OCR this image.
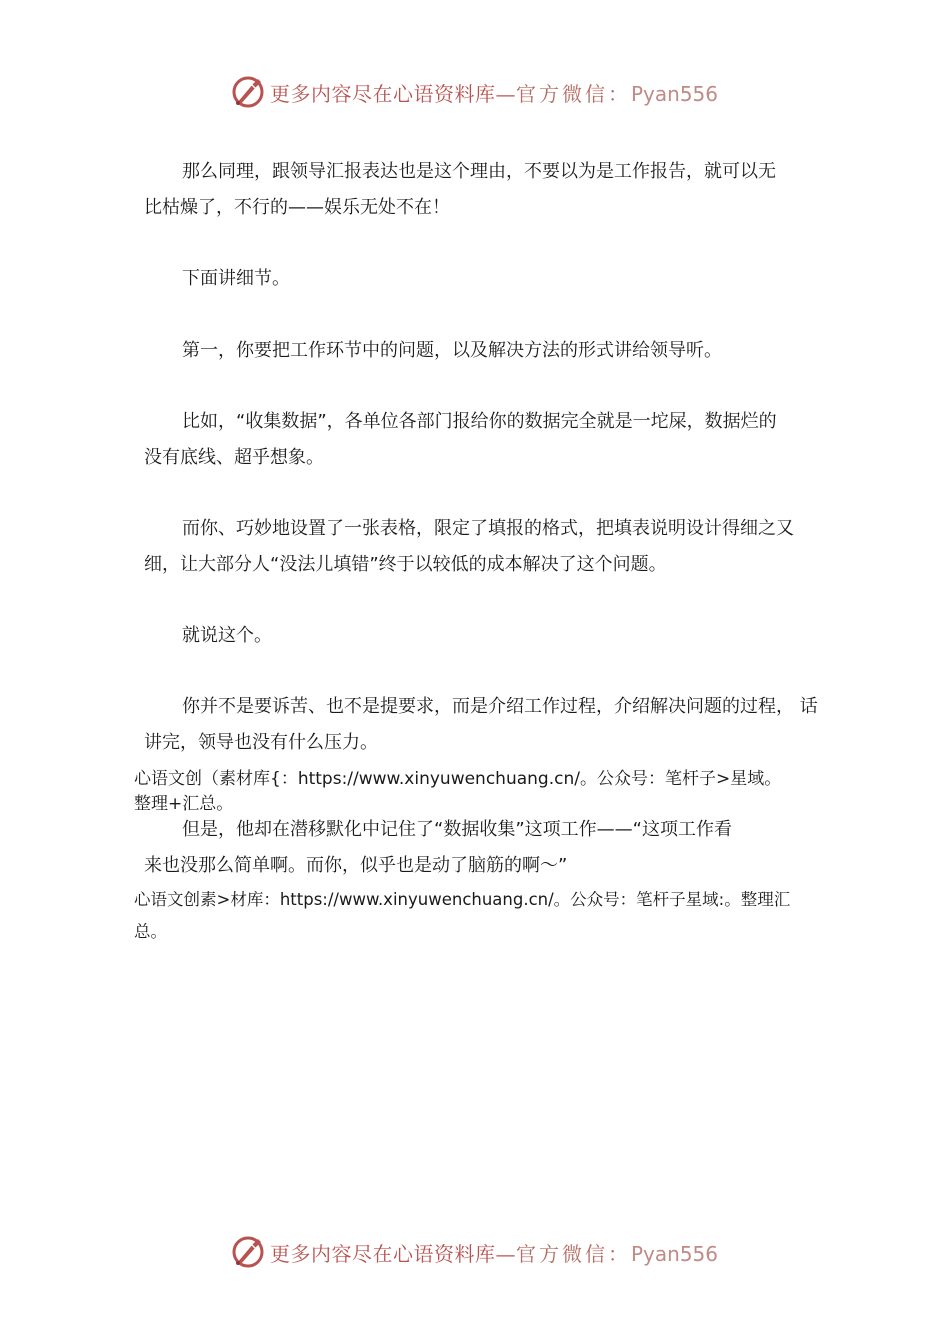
更多内容尽在心语资料库—官方微信：Pyan556
那么同理，跟领导汇报表达也是这个理由，不要以为是工作报告，就可以无
比枯燥了，不行的——娱乐无处不在！
下面讲细节。
第一，你要把工作环节中的问题，以及解决方法的形式讲给领导听。
比如，“收集数据”，各单位各部门报给你的数据完全就是一坨屎，数据烂的
没有底线、超乎想象。
而你、巧妙地设置了一张表格，限定了填报的格式，把填表说明设计得细之又
细，让大部分人“没法儿填错”终于以较低的成本解决了这个问题。
就说这个。
你并不是要诉苦、也不是提要求，而是介绍工作过程，介绍解决问题的过程， 话
讲完，领导也没有什么压力。
心语文创（素材库{：https://www.xinyuwenchuang.cn/。公众号：笔杆子>星域。
整理+汇总。
但是，他却在潜移默化中记住了“数据收集”这项工作——“这项工作看
来也没那么简单啊。而你，似乎也是动了脑筋的啊～”
心语文创素>材库：https://www.xinyuwenchuang.cn/。公众号：笔杆子星域:。整理汇
总。
更多内容尽在心语资料库—官方微信：Pyan556
